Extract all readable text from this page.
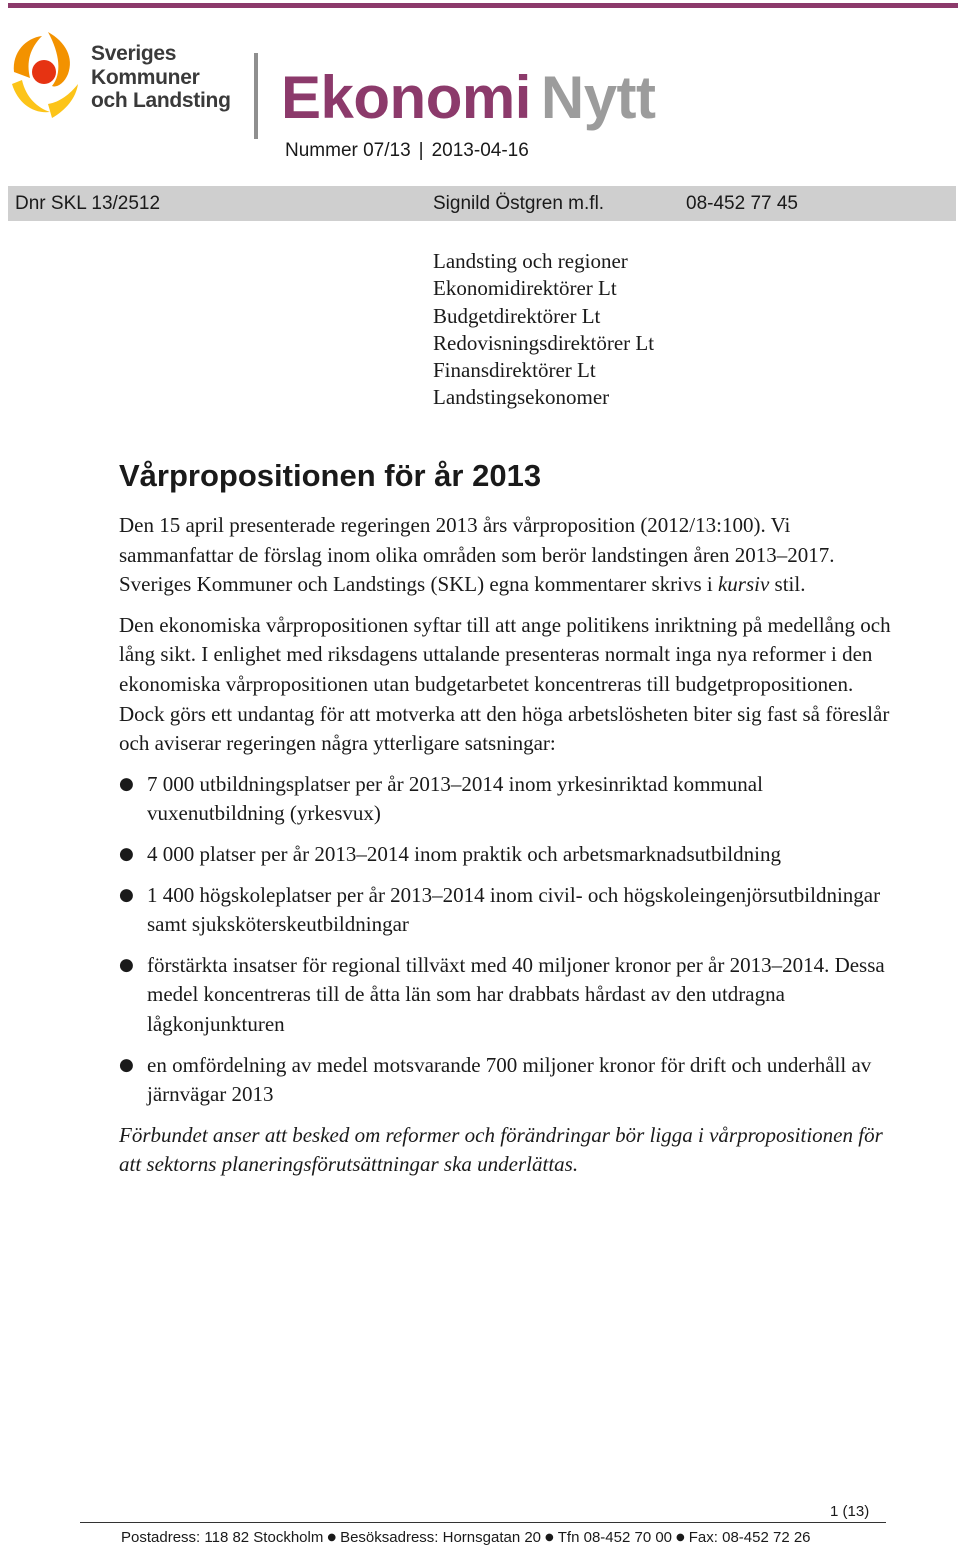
Sveriges
Kommuner
och Landsting Ekonomi Nytt
Nummer 07/13 | 2013-04-16
Dnr SKL 13/2512	Signild Östgren m.fl.	08-452 77 45
Landsting och regioner
Ekonomidirektörer Lt
Budgetdirektörer Lt
Redovisningsdirektörer Lt
Finansdirektörer Lt
Landstingsekonomer
Vårpropositionen för år 2013

Den 15 april presenterade regeringen 2013 års vårproposition (2012/13:100). Vi sammanfattar de förslag inom olika områden som berör landstingen åren 2013–2017. Sveriges Kommuner och Landstings (SKL) egna kommentarer skrivs i kursiv stil.

Den ekonomiska vårpropositionen syftar till att ange politikens inriktning på medellång och lång sikt. I enlighet med riksdagens uttalande presenteras normalt inga nya reformer i den ekonomiska vårpropositionen utan budgetarbetet koncentreras till budgetpropositionen. Dock görs ett undantag för att motverka att den höga arbetslösheten biter sig fast så föreslår och aviserar regeringen några ytterligare satsningar:

● 7 000 utbildningsplatser per år 2013–2014 inom yrkesinriktad kommunal vuxenutbildning (yrkesvux)
● 4 000 platser per år 2013–2014 inom praktik och arbetsmarknadsutbildning
● 1 400 högskoleplatser per år 2013–2014 inom civil- och högskoleingenjörsutbildningar samt sjuksköterskeutbildningar
● förstärkta insatser för regional tillväxt med 40 miljoner kronor per år 2013–2014. Dessa medel koncentreras till de åtta län som har drabbats hårdast av den utdragna lågkonjunkturen
● en omfördelning av medel motsvarande 700 miljoner kronor för drift och underhåll av järnvägar 2013

Förbundet anser att besked om reformer och förändringar bör ligga i vårpropositionen för att sektorns planeringsförutsättningar ska underlättas.

1 (13)
Postadress: 118 82 Stockholm ● Besöksadress: Hornsgatan 20 ● Tfn 08-452 70 00 ● Fax: 08-452 72 26
